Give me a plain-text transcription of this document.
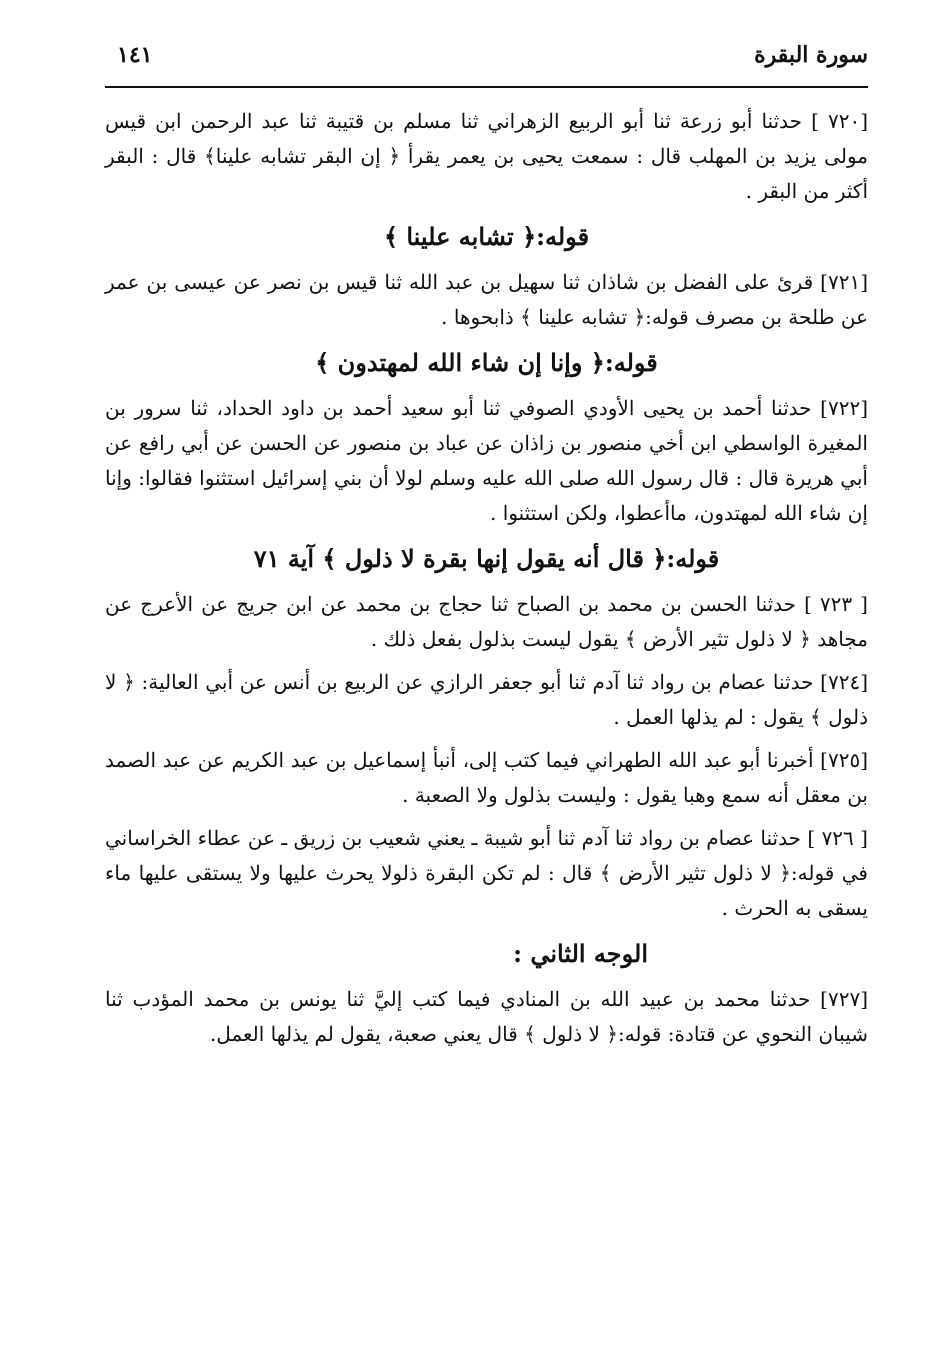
سورة البقرة
١٤١

[٧٢٠ ] حدثنا أبو زرعة ثنا أبو الربيع الزهراني ثنا مسلم بن قتيبة ثنا عبد الرحمن ابن قيس مولى يزيد بن المهلب قال : سمعت يحيى بن يعمر يقرأ ﴿ إن البقر تشابه علينا﴾ قال : البقر أكثر من البقر .

قوله:﴿ تشابه علينا ﴾

[٧٢١] قرئ على الفضل بن شاذان ثنا سهيل بن عبد الله ثنا قيس بن نصر عن عيسى بن عمر عن طلحة بن مصرف قوله:﴿ تشابه علينا ﴾ ذابحوها .

قوله:﴿ وإنا إن شاء الله لمهتدون ﴾

[٧٢٢] حدثنا أحمد بن يحيى الأودي الصوفي ثنا أبو سعيد أحمد بن داود الحداد، ثنا سرور بن المغيرة الواسطي ابن أخي منصور بن زاذان عن عباد بن منصور عن الحسن عن أبي رافع عن أبي هريرة قال : قال رسول الله صلى الله عليه وسلم لولا أن بني إسرائيل استثنوا فقالوا: وإنا إن شاء الله لمهتدون، ماأعطوا، ولكن استثنوا .

قوله:﴿ قال أنه يقول إنها بقرة لا ذلول ﴾ آية ٧١

[ ٧٢٣ ] حدثنا الحسن بن محمد بن الصباح ثنا حجاج بن محمد عن ابن جريج عن الأعرج عن مجاهد ﴿ لا ذلول تثير الأرض ﴾ يقول ليست بذلول بفعل ذلك .

[٧٢٤] حدثنا عصام بن رواد ثنا آدم ثنا أبو جعفر الرازي عن الربيع بن أنس عن أبي العالية: ﴿ لا ذلول ﴾ يقول : لم يذلها العمل .

[٧٢٥] أخبرنا أبو عبد الله الطهراني فيما كتب إلى، أنبأ إسماعيل بن عبد الكريم عن عبد الصمد بن معقل أنه سمع وهبا يقول : وليست بذلول ولا الصعبة .

[ ٧٢٦ ] حدثنا عصام بن رواد ثنا آدم ثنا أبو شيبة ـ يعني شعيب بن زريق ـ عن عطاء الخراساني في قوله:﴿ لا ذلول تثير الأرض ﴾ قال : لم تكن البقرة ذلولا يحرث عليها ولا يستقى عليها ماء يسقى به الحرث .

الوجه الثاني :

[٧٢٧] حدثنا محمد بن عبيد الله بن المنادي فيما كتب إليَّ ثنا يونس بن محمد المؤدب ثنا شيبان النحوي عن قتادة: قوله:﴿ لا ذلول ﴾ قال يعني صعبة، يقول لم يذلها العمل.
